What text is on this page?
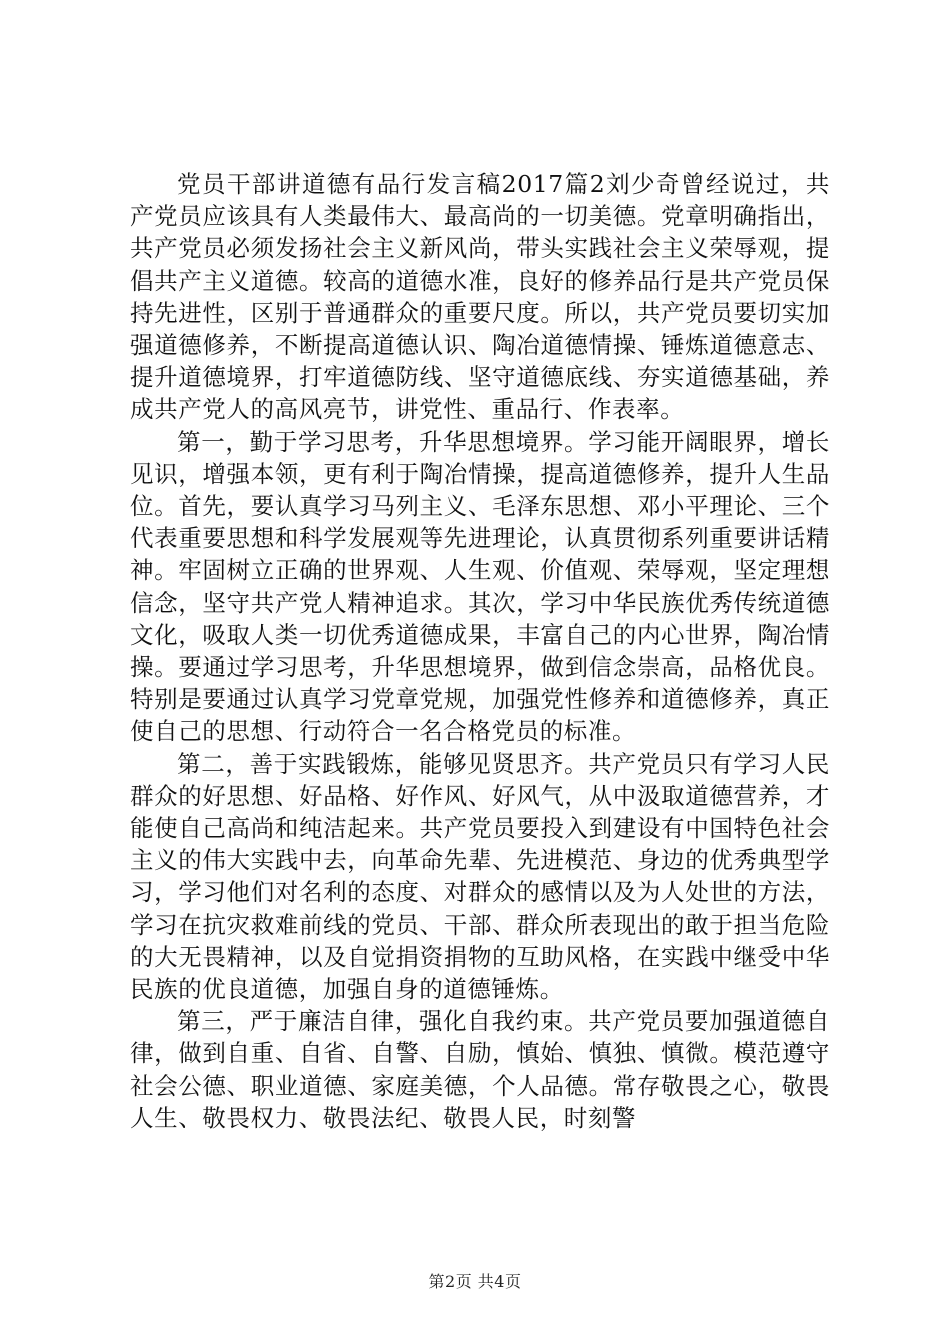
党员干部讲道德有品行发言稿2017篇2刘少奇曾经说过，共产党员应该具有人类最伟大、最高尚的一切美德。党章明确指出，共产党员必须发扬社会主义新风尚，带头实践社会主义荣辱观，提倡共产主义道德。较高的道德水准，良好的修养品行是共产党员保持先进性，区别于普通群众的重要尺度。所以，共产党员要切实加强道德修养，不断提高道德认识、陶冶道德情操、锤炼道德意志、提升道德境界，打牢道德防线、坚守道德底线、夯实道德基础，养成共产党人的高风亮节，讲党性、重品行、作表率。

第一，勤于学习思考，升华思想境界。学习能开阔眼界，增长见识，增强本领，更有利于陶冶情操，提高道德修养，提升人生品位。首先，要认真学习马列主义、毛泽东思想、邓小平理论、三个代表重要思想和科学发展观等先进理论，认真贯彻系列重要讲话精神。牢固树立正确的世界观、人生观、价值观、荣辱观，坚定理想信念，坚守共产党人精神追求。其次，学习中华民族优秀传统道德文化，吸取人类一切优秀道德成果，丰富自己的内心世界，陶冶情操。要通过学习思考，升华思想境界，做到信念崇高，品格优良。特别是要通过认真学习党章党规，加强党性修养和道德修养，真正使自己的思想、行动符合一名合格党员的标准。

第二，善于实践锻炼，能够见贤思齐。共产党员只有学习人民群众的好思想、好品格、好作风、好风气，从中汲取道德营养，才能使自己高尚和纯洁起来。共产党员要投入到建设有中国特色社会主义的伟大实践中去，向革命先辈、先进模范、身边的优秀典型学习，学习他们对名利的态度、对群众的感情以及为人处世的方法，学习在抗灾救难前线的党员、干部、群众所表现出的敢于担当危险的大无畏精神，以及自觉捐资捐物的互助风格，在实践中继受中华民族的优良道德，加强自身的道德锤炼。

第三，严于廉洁自律，强化自我约束。共产党员要加强道德自律，做到自重、自省、自警、自励，慎始、慎独、慎微。模范遵守社会公德、职业道德、家庭美德，个人品德。常存敬畏之心，敬畏人生、敬畏权力、敬畏法纪、敬畏人民，时刻警

第2页 共4页
